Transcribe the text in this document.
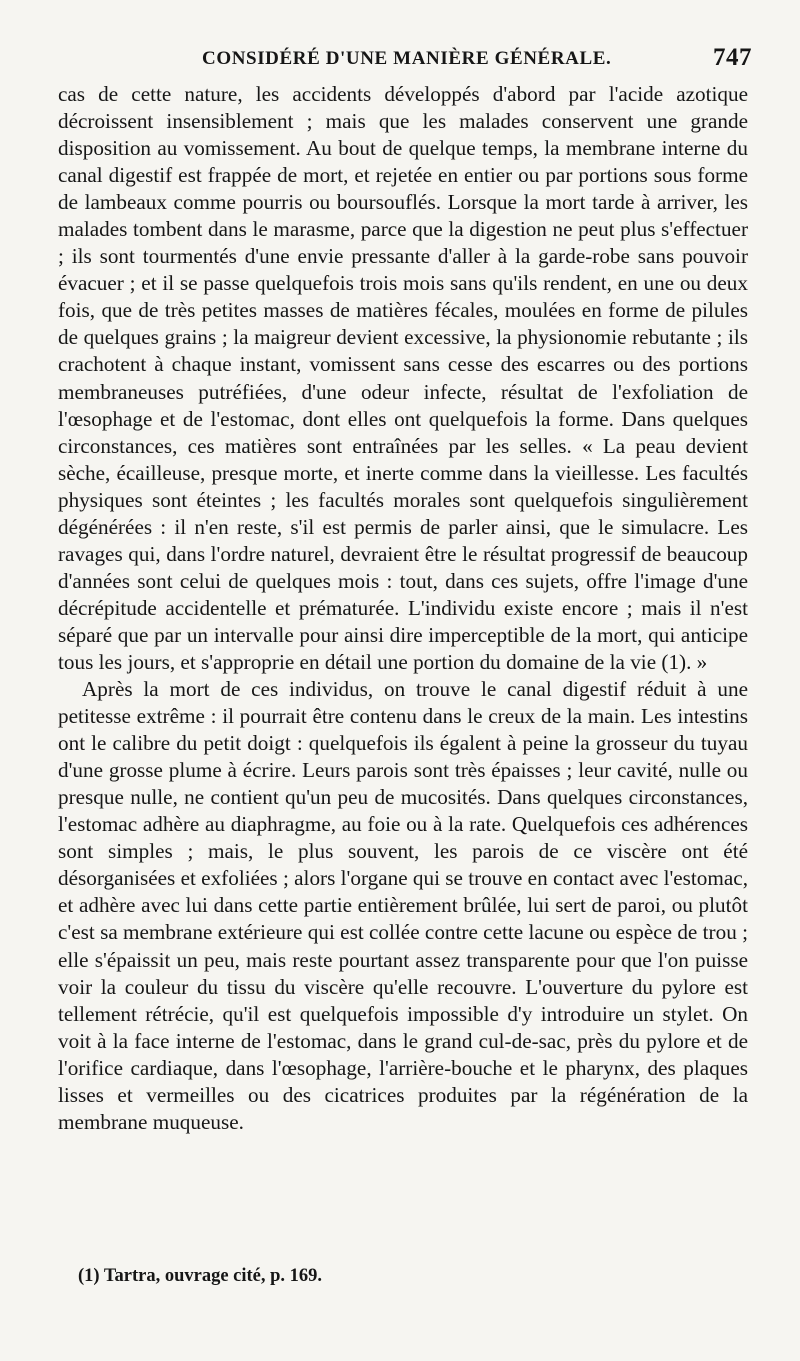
CONSIDÉRÉ D'UNE MANIÈRE GÉNÉRALE.	747

cas de cette nature, les accidents développés d'abord par l'acide azotique décroissent insensiblement ; mais que les malades conservent une grande disposition au vomissement. Au bout de quelque temps, la membrane interne du canal digestif est frappée de mort, et rejetée en entier ou par portions sous forme de lambeaux comme pourris ou boursouflés. Lorsque la mort tarde à arriver, les malades tombent dans le marasme, parce que la digestion ne peut plus s'effectuer ; ils sont tourmentés d'une envie pressante d'aller à la garde-robe sans pouvoir évacuer ; et il se passe quelquefois trois mois sans qu'ils rendent, en une ou deux fois, que de très petites masses de matières fécales, moulées en forme de pilules de quelques grains ; la maigreur devient excessive, la physionomie rebutante ; ils crachotent à chaque instant, vomissent sans cesse des escarres ou des portions membraneuses putréfiées, d'une odeur infecte, résultat de l'exfoliation de l'œsophage et de l'estomac, dont elles ont quelquefois la forme. Dans quelques circonstances, ces matières sont entraînées par les selles. « La peau devient sèche, écailleuse, presque morte, et inerte comme dans la vieillesse. Les facultés physiques sont éteintes ; les facultés morales sont quelquefois singulièrement dégénérées : il n'en reste, s'il est permis de parler ainsi, que le simulacre. Les ravages qui, dans l'ordre naturel, devraient être le résultat progressif de beaucoup d'années sont celui de quelques mois : tout, dans ces sujets, offre l'image d'une décrépitude accidentelle et prématurée. L'individu existe encore ; mais il n'est séparé que par un intervalle pour ainsi dire imperceptible de la mort, qui anticipe tous les jours, et s'approprie en détail une portion du domaine de la vie (1). »

Après la mort de ces individus, on trouve le canal digestif réduit à une petitesse extrême : il pourrait être contenu dans le creux de la main. Les intestins ont le calibre du petit doigt : quelquefois ils égalent à peine la grosseur du tuyau d'une grosse plume à écrire. Leurs parois sont très épaisses ; leur cavité, nulle ou presque nulle, ne contient qu'un peu de mucosités. Dans quelques circonstances, l'estomac adhère au diaphragme, au foie ou à la rate. Quelquefois ces adhérences sont simples ; mais, le plus souvent, les parois de ce viscère ont été désorganisées et exfoliées ; alors l'organe qui se trouve en contact avec l'estomac, et adhère avec lui dans cette partie entièrement brûlée, lui sert de paroi, ou plutôt c'est sa membrane extérieure qui est collée contre cette lacune ou espèce de trou ; elle s'épaissit un peu, mais reste pourtant assez transparente pour que l'on puisse voir la couleur du tissu du viscère qu'elle recouvre. L'ouverture du pylore est tellement rétrécie, qu'il est quelquefois impossible d'y introduire un stylet. On voit à la face interne de l'estomac, dans le grand cul-de-sac, près du pylore et de l'orifice cardiaque, dans l'œsophage, l'arrière-bouche et le pharynx, des plaques lisses et vermeilles ou des cicatrices produites par la régénération de la membrane muqueuse.

(1) Tartra, ouvrage cité, p. 169.
